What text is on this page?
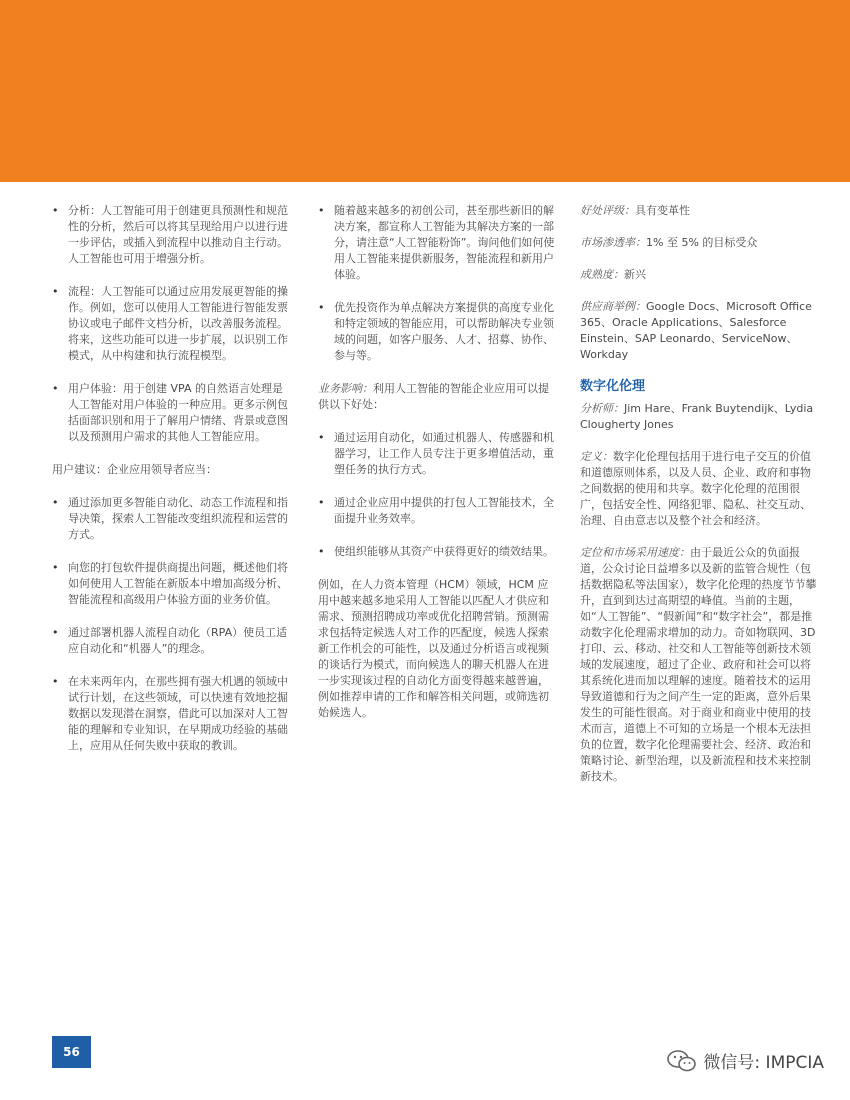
• 分析：人工智能可用于创建更具预测性和规范性的分析，然后可以将其呈现给用户以进行进一步评估，或插入到流程中以推动自主行动。人工智能也可用于增强分析。
• 流程：人工智能可以通过应用发展更智能的操作。例如，您可以使用人工智能进行智能发票协议或电子邮件文档分析，以改善服务流程。将来，这些功能可以进一步扩展，以识别工作模式，从中构建和执行流程模型。
• 用户体验：用于创建 VPA 的自然语言处理是人工智能对用户体验的一种应用。更多示例包括面部识别和用于了解用户情绪、背景或意图以及预测用户需求的其他人工智能应用。

用户建议：企业应用领导者应当：

• 通过添加更多智能自动化、动态工作流程和指导决策，探索人工智能改变组织流程和运营的方式。
• 向您的打包软件提供商提出问题，概述他们将如何使用人工智能在新版本中增加高级分析、智能流程和高级用户体验方面的业务价值。
• 通过部署机器人流程自动化（RPA）使员工适应自动化和“机器人”的理念。
• 在未来两年内，在那些拥有强大机遇的领域中试行计划，在这些领域，可以快速有效地挖掘数据以发现潜在洞察，借此可以加深对人工智能的理解和专业知识，在早期成功经验的基础上，应用从任何失败中获取的教训。
• 随着越来越多的初创公司，甚至那些新旧的解决方案，都宣称人工智能为其解决方案的一部分，请注意“人工智能粉饰”。询问他们如何使用人工智能来提供新服务，智能流程和新用户体验。
• 优先投资作为单点解决方案提供的高度专业化和特定领域的智能应用，可以帮助解决专业领域的问题，如客户服务、人才、招募、协作、参与等。

业务影响：利用人工智能的智能企业应用可以提供以下好处：

• 通过运用自动化，如通过机器人、传感器和机器学习，让工作人员专注于更多增值活动，重塑任务的执行方式。
• 通过企业应用中提供的打包人工智能技术，全面提升业务效率。
• 使组织能够从其资产中获得更好的绩效结果。

例如，在人力资本管理（HCM）领域，HCM 应用中越来越多地采用人工智能以匹配人才供应和需求、预测招聘成功率或优化招聘营销。预测需求包括特定候选人对工作的匹配度，候选人探索新工作机会的可能性，以及通过分析语言或视频的谈话行为模式，而向候选人的聊天机器人在进一步实现该过程的自动化方面变得越来越普遍，例如推荐申请的工作和解答相关问题，或筛选初始候选人。

好处评级：具有变革性
市场渗透率：1% 至 5% 的目标受众
成熟度：新兴
供应商举例：Google Docs、Microsoft Office 365、Oracle Applications、Salesforce Einstein、SAP Leonardo、ServiceNow、Workday
数字化伦理
分析师：Jim Hare、Frank Buytendijk、Lydia Clougherty Jones
定义：数字化伦理包括用于进行电子交互的价值和道德原则体系，以及人员、企业、政府和事物之间数据的使用和共享。数字化伦理的范围很广，包括安全性、网络犯罪、隐私、社交互动、治理、自由意志以及整个社会和经济。
定位和市场采用速度：由于最近公众的负面报道，公众讨论日益增多以及新的监管合规性（包括数据隐私等法国家），数字化伦理的热度节节攀升，直到到达过高期望的峰值。当前的主题，如“人工智能”、“假新闻”和“数字社会”，都是推动数字化伦理需求增加的动力。奇如物联网、3D 打印、云、移动、社交和人工智能等创新技术领域的发展速度，超过了企业、政府和社会可以将其系统化进而加以理解的速度。随着技术的运用导致道德和行为之间产生一定的距离，意外后果发生的可能性很高。对于商业和商业中使用的技术而言，道德上不可知的立场是一个根本无法担负的位置，数字化伦理需要社会、经济、政治和策略讨论、新型治理，以及新流程和技术来控制新技术。
56
微信号: IMPCIA
